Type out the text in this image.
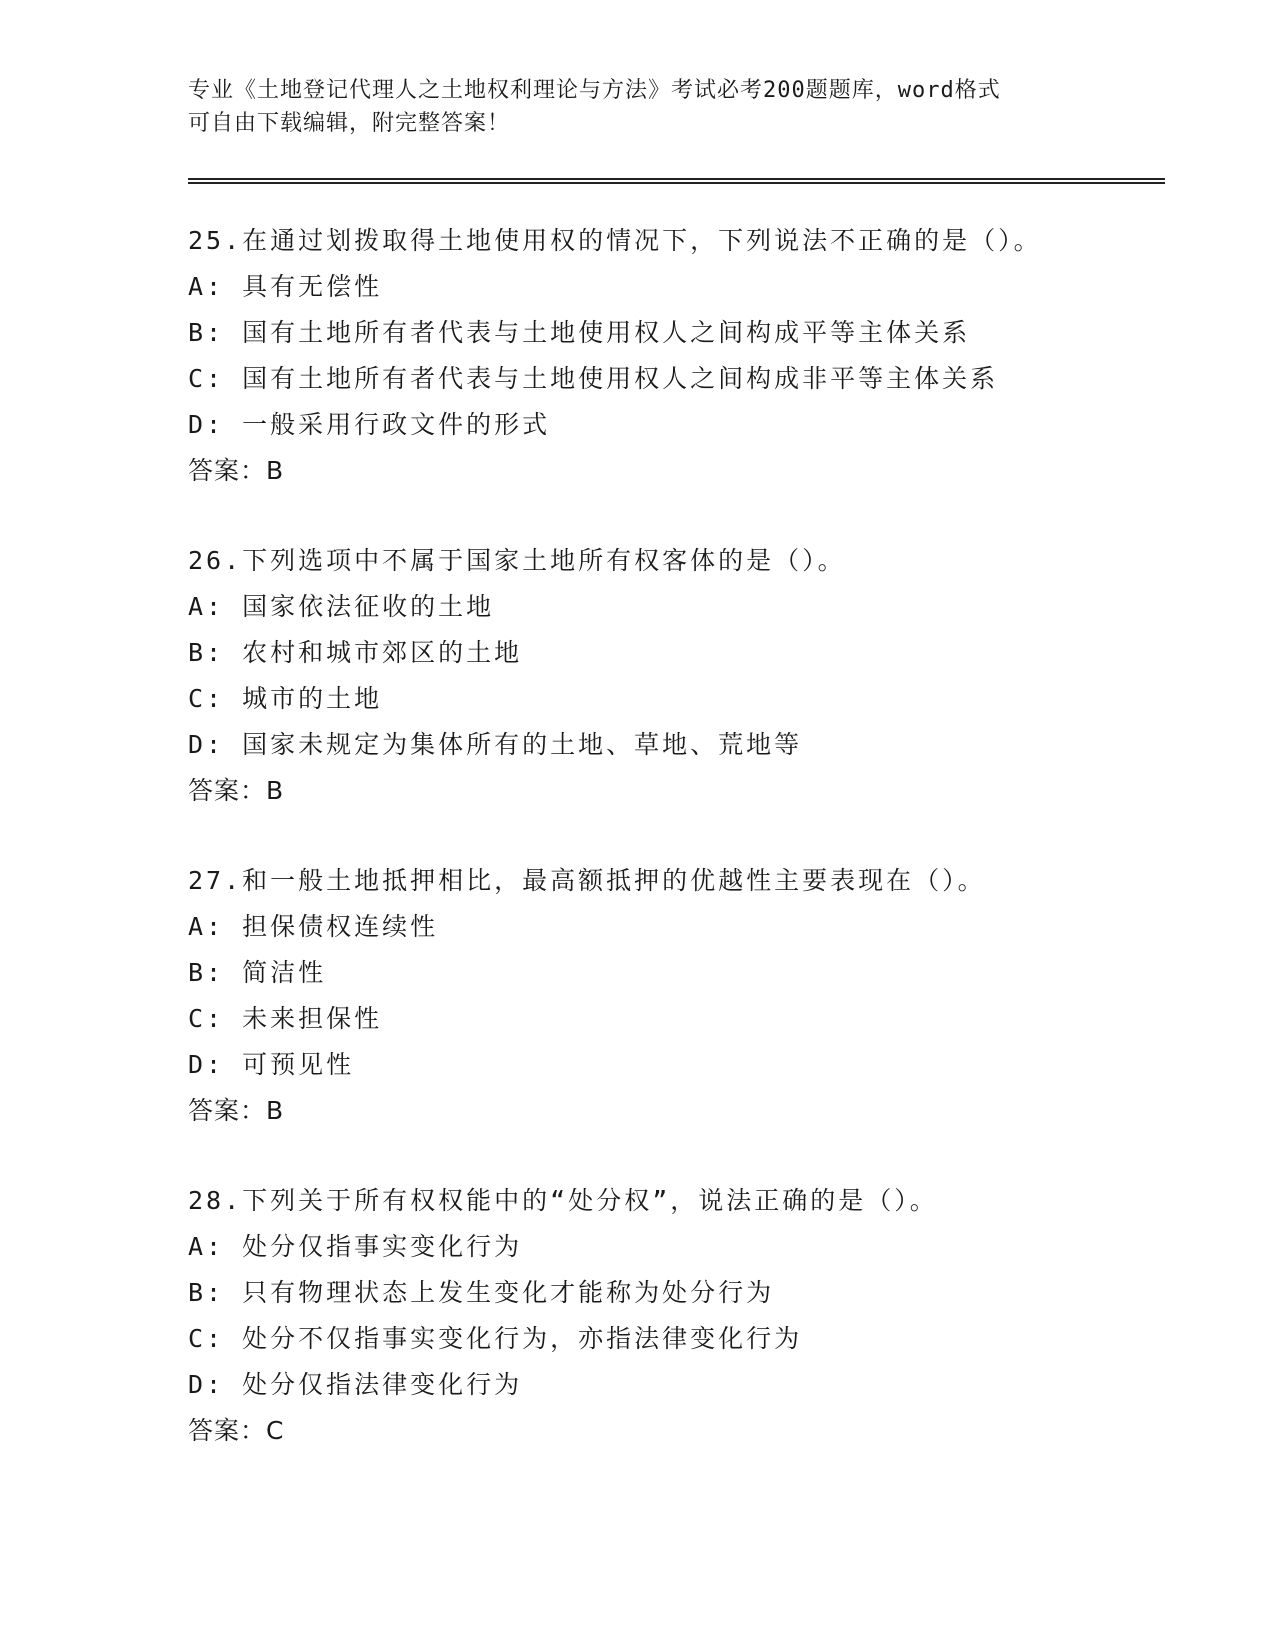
专业《土地登记代理人之土地权利理论与方法》考试必考200题题库，word格式
可自由下载编辑，附完整答案！
25.在通过划拨取得土地使用权的情况下，下列说法不正确的是（）。
A: 具有无偿性
B: 国有土地所有者代表与土地使用权人之间构成平等主体关系
C: 国有土地所有者代表与土地使用权人之间构成非平等主体关系
D: 一般采用行政文件的形式
答案：B
26.下列选项中不属于国家土地所有权客体的是（）。
A: 国家依法征收的土地
B: 农村和城市郊区的土地
C: 城市的土地
D: 国家未规定为集体所有的土地、草地、荒地等
答案：B
27.和一般土地抵押相比，最高额抵押的优越性主要表现在（）。
A: 担保债权连续性
B: 简洁性
C: 未来担保性
D: 可预见性
答案：B
28.下列关于所有权权能中的“处分权”，说法正确的是（）。
A: 处分仅指事实变化行为
B: 只有物理状态上发生变化才能称为处分行为
C: 处分不仅指事实变化行为，亦指法律变化行为
D: 处分仅指法律变化行为
答案：C
